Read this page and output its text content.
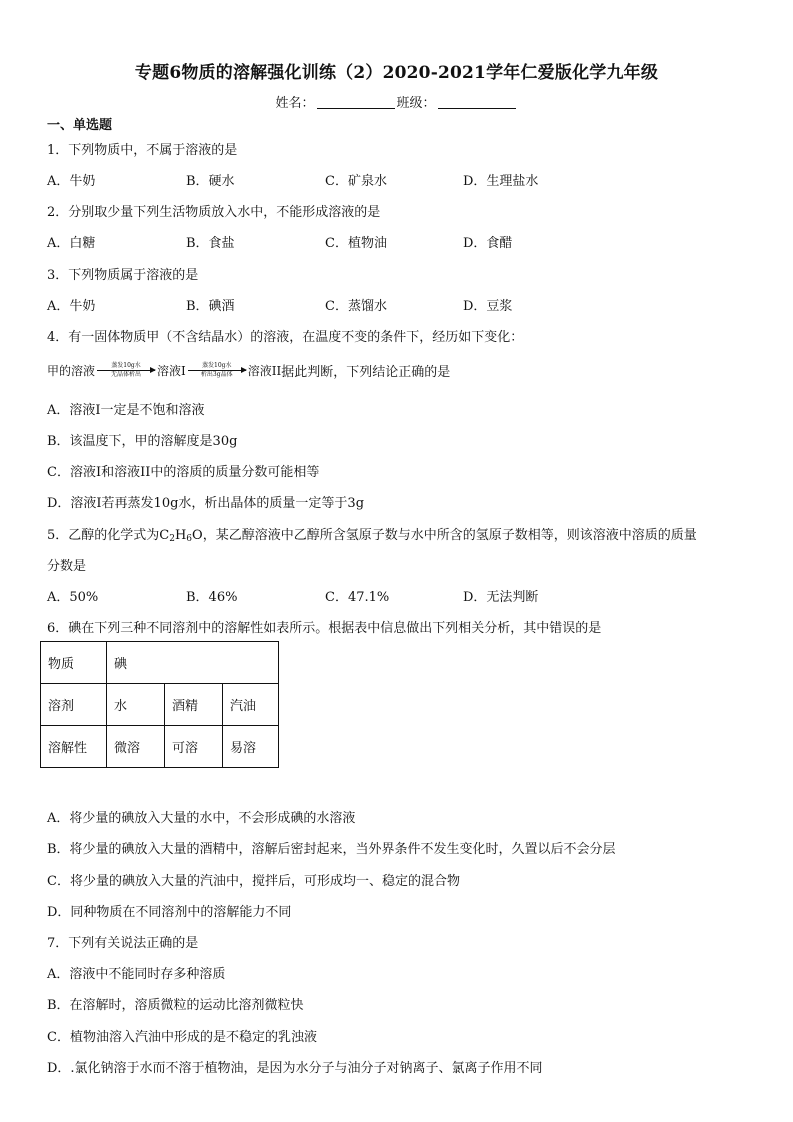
专题6物质的溶解强化训练（2）2020-2021学年仁爱版化学九年级
姓名：	班级：
一、单选题
1．下列物质中，不属于溶液的是
A．牛奶	B．硬水	C．矿泉水	D．生理盐水
2．分别取少量下列生活物质放入水中，不能形成溶液的是
A．白糖	B．食盐	C．植物油	D．食醋
3．下列物质属于溶液的是
A．牛奶	B．碘酒	C．蒸馏水	D．豆浆
4．有一固体物质甲（不含结晶水）的溶液，在温度不变的条件下，经历如下变化：
甲的溶液	蒸发10g水
无晶体析出 溶液I	蒸发10g水
析出3g晶体 溶液II 据此判断，下列结论正确的是
A．溶液I一定是不饱和溶液
B．该温度下，甲的溶解度是30g
C．溶液I和溶液II中的溶质的质量分数可能相等
D．溶液I若再蒸发10g水，析出晶体的质量一定等于3g
5．乙醇的化学式为$C_2H_6O$，某乙醇溶液中乙醇所含氢原子数与水中所含的氢原子数相等，则该溶液中溶质的质量
分数是
A．50%	B．46%	C．47.1%	D．无法判断
6．碘在下列三种不同溶剂中的溶解性如表所示。根据表中信息做出下列相关分析，其中错误的是
物质	碘		
溶剂	水	酒精	汽油
溶解性	微溶	可溶	易溶
A．将少量的碘放入大量的水中，不会形成碘的水溶液
B．将少量的碘放入大量的酒精中，溶解后密封起来，当外界条件不发生变化时，久置以后不会分层
C．将少量的碘放入大量的汽油中，搅拌后，可形成均一、稳定的混合物
D．同种物质在不同溶剂中的溶解能力不同
7．下列有关说法正确的是
A．溶液中不能同时存多种溶质
B．在溶解时，溶质微粒的运动比溶剂微粒快
C．植物油溶入汽油中形成的是不稳定的乳浊液
D．.氯化钠溶于水而不溶于植物油，是因为水分子与油分子对钠离子、氯离子作用不同
